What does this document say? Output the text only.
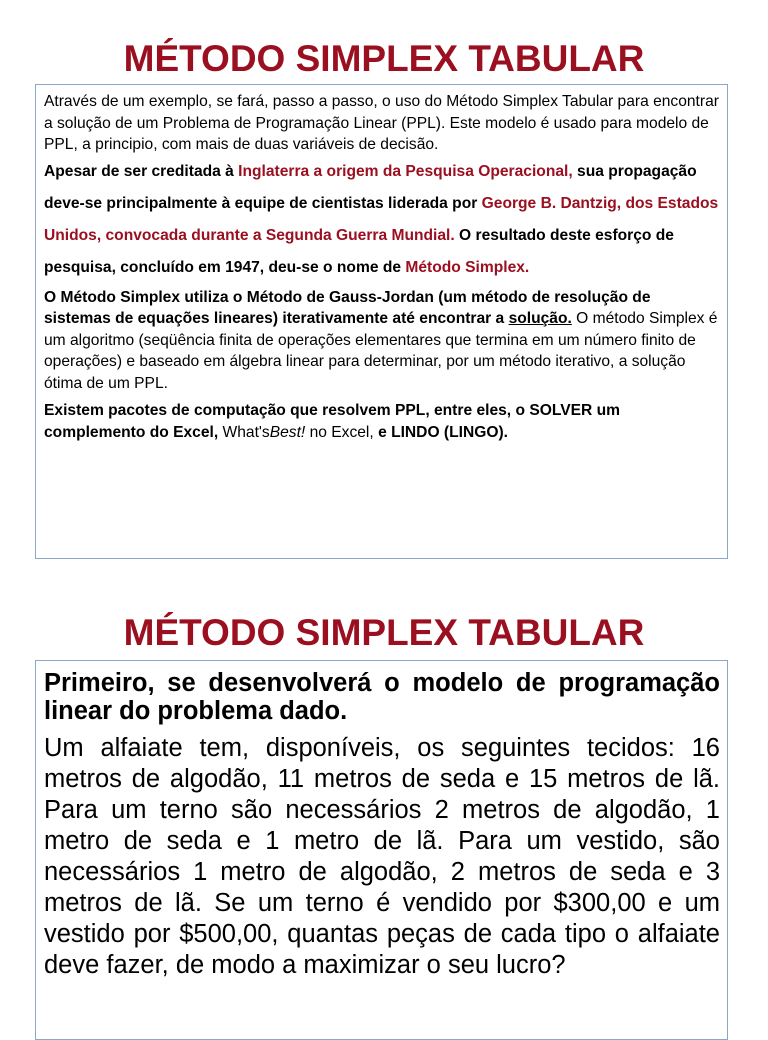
MÉTODO SIMPLEX TABULAR

Através de um exemplo, se fará, passo a passo, o uso do Método Simplex Tabular para encontrar a solução de um Problema de Programação Linear (PPL). Este modelo é usado para modelo de PPL, a principio, com mais de duas variáveis de decisão.

Apesar de ser creditada à Inglaterra a origem da Pesquisa Operacional, sua propagação deve-se principalmente à equipe de cientistas liderada por George B. Dantzig, dos Estados Unidos, convocada durante a Segunda Guerra Mundial. O resultado deste esforço de pesquisa, concluído em 1947, deu-se o nome de Método Simplex.

O Método Simplex utiliza o Método de Gauss-Jordan (um método de resolução de sistemas de equações lineares) iterativamente até encontrar a solução. O método Simplex é um algoritmo (seqüência finita de operações elementares que termina em um número finito de operações) e baseado em álgebra linear para determinar, por um método iterativo, a solução ótima de um PPL.

Existem pacotes de computação que resolvem PPL, entre eles, o SOLVER um complemento do Excel, What'sBest! no Excel, e LINDO (LINGO).

MÉTODO SIMPLEX TABULAR

Primeiro, se desenvolverá o modelo de programação linear do problema dado.

Um alfaiate tem, disponíveis, os seguintes tecidos: 16 metros de algodão, 11 metros de seda e 15 metros de lã. Para um terno são necessários 2 metros de algodão, 1 metro de seda e 1 metro de lã. Para um vestido, são necessários 1 metro de algodão, 2 metros de seda e 3 metros de lã. Se um terno é vendido por $300,00 e um vestido por $500,00, quantas peças de cada tipo o alfaiate deve fazer, de modo a maximizar o seu lucro?
